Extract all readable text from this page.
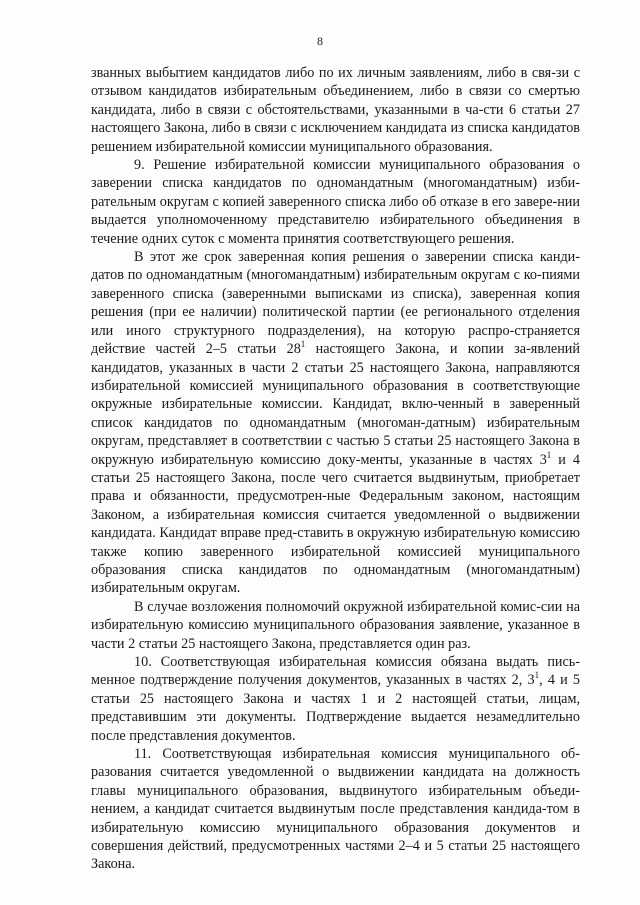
8

званных выбытием кандидатов либо по их личным заявлениям, либо в свя-зи с отзывом кандидатов избирательным объединением, либо в связи со смертью кандидата, либо в связи с обстоятельствами, указанными в ча-сти 6 статьи 27 настоящего Закона, либо в связи с исключением кандидата из списка кандидатов решением избирательной комиссии муниципального образования.

9. Решение избирательной комиссии муниципального образования о заверении списка кандидатов по одномандатным (многомандатным) изби-рательным округам с копией заверенного списка либо об отказе в его завере-нии выдается уполномоченному представителю избирательного объединения в течение одних суток с момента принятия соответствующего решения.

В этот же срок заверенная копия решения о заверении списка канди-датов по одномандатным (многомандатным) избирательным округам с ко-пиями заверенного списка (заверенными выписками из списка), заверенная копия решения (при ее наличии) политической партии (ее регионального отделения или иного структурного подразделения), на которую распро-страняется действие частей 2–5 статьи $28^1$ настоящего Закона, и копии за-явлений кандидатов, указанных в части 2 статьи 25 настоящего Закона, направляются избирательной комиссией муниципального образования в соответствующие окружные избирательные комиссии. Кандидат, вклю-ченный в заверенный список кандидатов по одномандатным (многоман-датным) избирательным округам, представляет в соответствии с частью 5 статьи 25 настоящего Закона в окружную избирательную комиссию доку-менты, указанные в частях $3^1$ и 4 статьи 25 настоящего Закона, после чего считается выдвинутым, приобретает права и обязанности, предусмотрен-ные Федеральным законом, настоящим Законом, а избирательная комиссия считается уведомленной о выдвижении кандидата. Кандидат вправе пред-ставить в окружную избирательную комиссию также копию заверенного избирательной комиссией муниципального образования списка кандидатов по одномандатным (многомандатным) избирательным округам.

В случае возложения полномочий окружной избирательной комис-сии на избирательную комиссию муниципального образования заявление, указанное в части 2 статьи 25 настоящего Закона, представляется один раз.

10. Соответствующая избирательная комиссия обязана выдать пись-менное подтверждение получения документов, указанных в частях 2, $3^1$, 4 и 5 статьи 25 настоящего Закона и частях 1 и 2 настоящей статьи, лицам, представившим эти документы. Подтверждение выдается незамедлительно после представления документов.

11. Соответствующая избирательная комиссия муниципального об-разования считается уведомленной о выдвижении кандидата на должность главы муниципального образования, выдвинутого избирательным объеди-нением, а кандидат считается выдвинутым после представления кандида-том в избирательную комиссию муниципального образования документов и совершения действий, предусмотренных частями 2–4 и 5 статьи 25 настоящего Закона.
